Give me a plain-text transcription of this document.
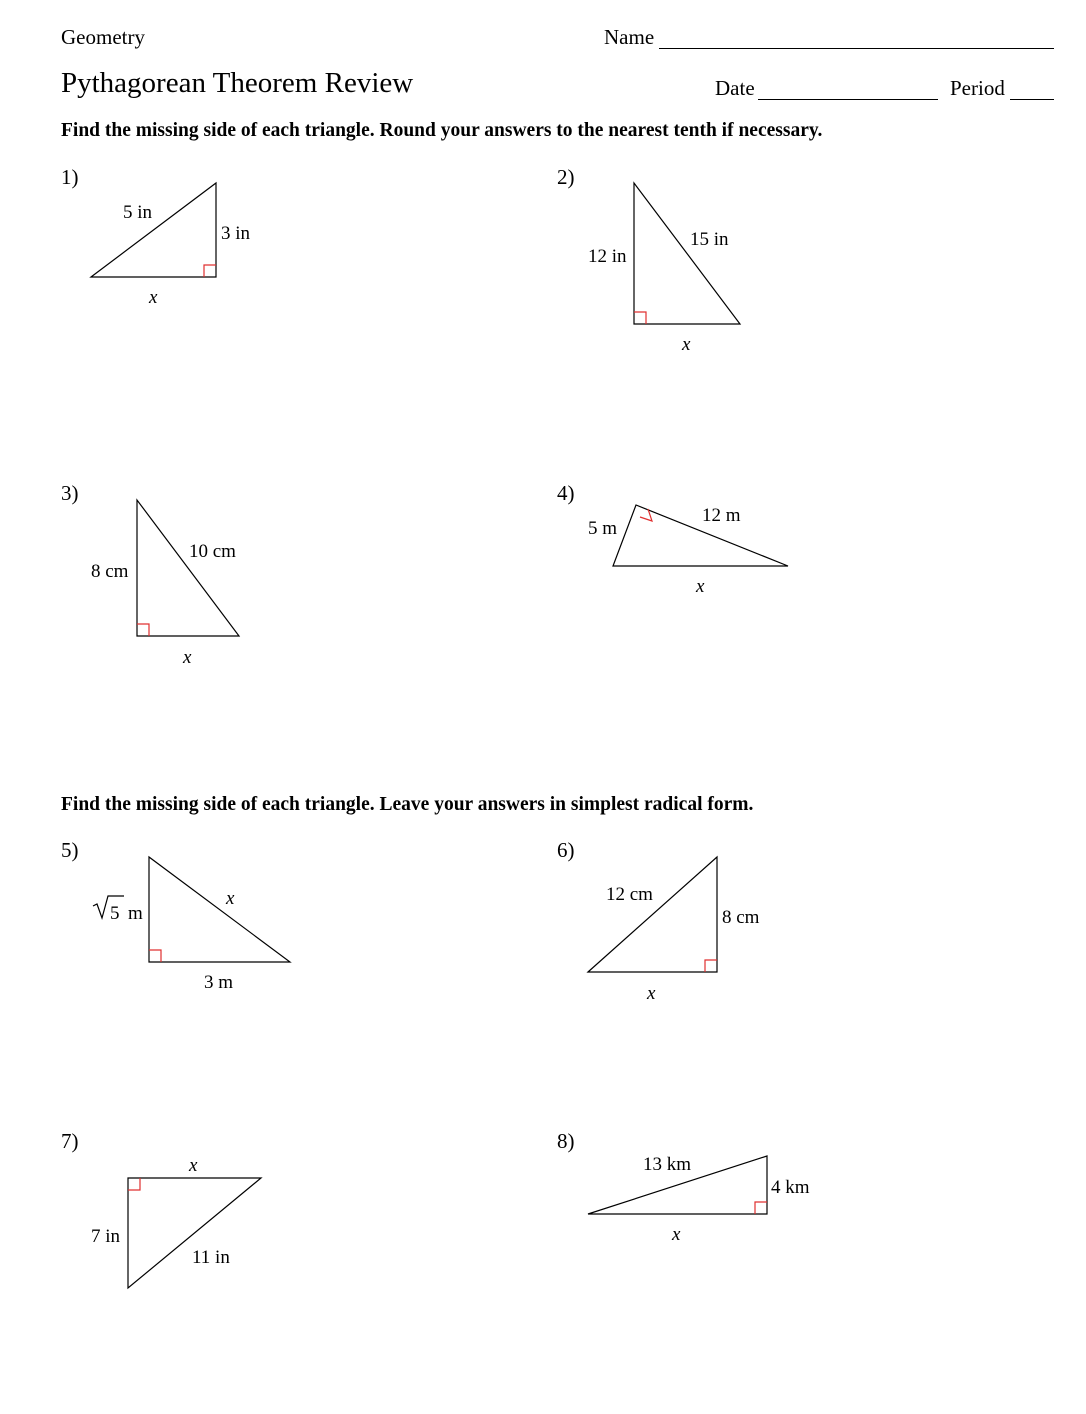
Geometry	Name
Pythagorean Theorem Review	Date	Period
Find the missing side of each triangle. Round your answers to the nearest tenth if necessary.
Find the missing side of each triangle. Leave your answers in simplest radical form.
1)	2)
3)	4)
5)	6)
7)	8)
5 in
3 in
x
12 in
15 in
x
8 cm
10 cm
x
5 m
12 m
x
5 m
x
3 m
12 cm
8 cm
x
x
7 in
11 in
13 km
4 km
x
